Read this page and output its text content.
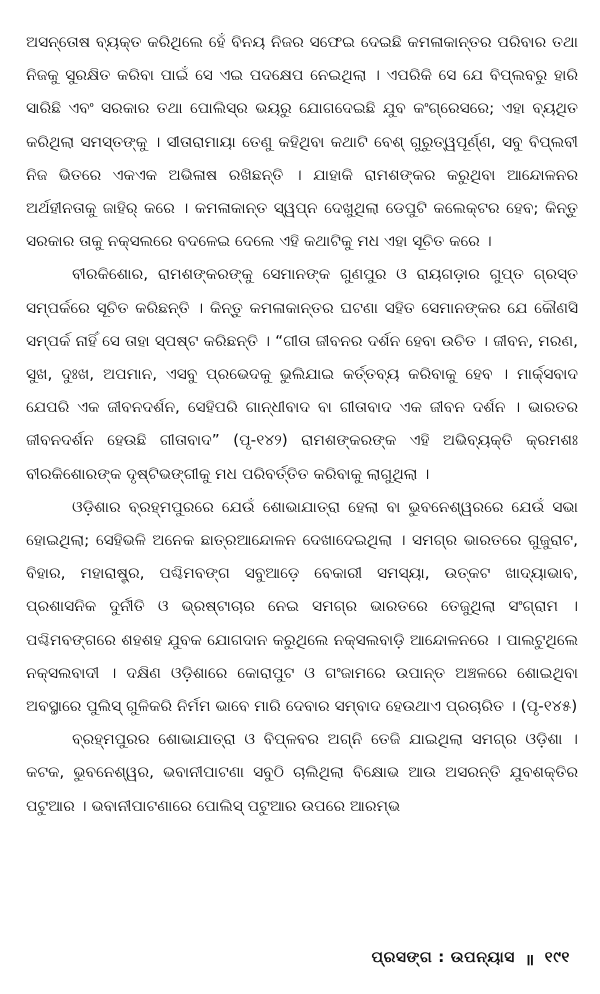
ଅସନ୍ତୋଷ ବ୍ୟକ୍ତ କରିଥିଲେ ହେଁ ବିନୟ ନିଜର ସଫେଇ ଦେଇଛି କମଳାକାନ୍ତର ପରିବାର ତଥା ନିଜକୁ ସୁରକ୍ଷିତ କରିବା ପାଇଁ ସେ ଏଇ ପଦକ୍ଷେପ ନେଇଥିଲା । ଏପରିକି ସେ ଯେ ବିପ୍ଲବରୁ ହାରି ସାରିଛି ଏବଂ ସରକାର ତଥା ପୋଲିସ୍‌ର ଭୟରୁ ଯୋଗଦେଇଛି ଯୁବ କଂଗ୍ରେସରେ; ଏହା ବ୍ୟଥିତ କରିଥିଲା ସମସ୍ତଙ୍କୁ । ସୀତାରାମାୟା ତେଣୁ କହିଥିବା କଥାଟି ବେଶ୍ ଗୁରୁତ୍ୱପୂର୍ଣ୍ଣ, ସବୁ ବିପ୍ଲବୀ ନିଜ ଭିତରେ ଏକଏକ ଅଭିଳାଷ ରଖିଛନ୍ତି । ଯାହାକି ରାମଶଙ୍କର କରୁଥିବା ଆନ୍ଦୋଳନର ଅର୍ଥହୀନତାକୁ ଜାହିର୍ କରେ । କମଳାକାନ୍ତ ସ୍ୱପ୍ନ ଦେଖୁଥିଲା ଡେପୁଟି କଲେକ୍ଟର ହେବ; କିନ୍ତୁ ସରକାର ତାକୁ ନକ୍ସଲରେ ବଦଳେଇ ଦେଲେ ଏହି କଥାଟିକୁ ମଧ ଏହା ସୂଚିତ କରେ ।

ବୀରକିଶୋର, ରାମଶଙ୍କରଙ୍କୁ ସେମାନଙ୍କ ଗୁଣପୁର ଓ ରାୟଗଡ଼ାର ଗୁପ୍ତ ଗ୍ରସ୍ତ ସମ୍ପର୍କରେ ସୂଚିତ କରିଛନ୍ତି । କିନ୍ତୁ କମଳାକାନ୍ତର ଘଟଣା ସହିତ ସେମାନଙ୍କର ଯେ କୌଣସି ସମ୍ପର୍କ ନାହିଁ ସେ ତାହା ସ୍ପଷ୍ଟ କରିଛନ୍ତି । “ଗୀତା ଜୀବନର ଦର୍ଶନ ହେବା ଉଚିତ । ଜୀବନ, ମରଣ, ସୁଖ, ଦୁଃଖ, ଅପମାନ, ଏସବୁ ପ୍ରଭେଦକୁ ଭୁଲିଯାଇ କର୍ତ୍ତବ୍ୟ କରିବାକୁ ହେବ । ମାର୍କ୍ସବାଦ ଯେପରି ଏକ ଜୀବନଦର୍ଶନ, ସେହିପରି ଗାନ୍ଧୀବାଦ ବା ଗୀତାବାଦ ଏକ ଜୀବନ ଦର୍ଶନ । ଭାରତର ଜୀବନଦର୍ଶନ ହେଉଛି ଗୀତାବାଦ” (ପୃ-୧୪୨) ରାମଶଙ୍କରଙ୍କ ଏହି ଅଭିବ୍ୟକ୍ତି କ୍ରମଶଃ ବୀରକିଶୋରଙ୍କ ଦୃଷ୍ଟିଭଙ୍ଗୀକୁ ମଧ ପରିବର୍ତ୍ତିତ କରିବାକୁ ଲାଗୁଥିଲା ।

ଓଡ଼ିଶାର ବ୍ରହ୍ମପୁରରେ ଯେଉଁ ଶୋଭାଯାତ୍ରା ହେଲା ବା ଭୁବନେଶ୍ୱରରେ ଯେଉଁ ସଭା ହୋଇଥିଲା; ସେହିଭଳି ଅନେକ ଛାତ୍ରଆନ୍ଦୋଳନ ଦେଖାଦେଇଥିଲା । ସମଗ୍ର ଭାରତରେ ଗୁଜୁରାଟ, ବିହାର, ମହାରାଷ୍ଟ୍ର, ପଶ୍ଚିମବଙ୍ଗ ସବୁଆଡ଼େ ବେକାରୀ ସମସ୍ୟା, ଉତ୍କଟ ଖାଦ୍ୟାଭାବ, ପ୍ରଶାସନିକ ଦୁର୍ନୀତି ଓ ଭ୍ରଷ୍ଟାଚାର ନେଇ ସମଗ୍ର ଭାରତରେ ତେଜୁଥିଲା ସଂଗ୍ରାମ । ପଶ୍ଚିମବଙ୍ଗରେ ଶହଶହ ଯୁବକ ଯୋଗଦାନ କରୁଥିଲେ ନକ୍ସଲବାଡ଼ି ଆନ୍ଦୋଳନରେ । ପାଲଟୁଥିଲେ ନକ୍ସଲବାଦୀ । ଦକ୍ଷିଣ ଓଡ଼ିଶାରେ କୋରାପୁଟ ଓ ଗଂଜାମରେ ଉପାନ୍ତ ଅଞ୍ଚଳରେ ଶୋଇଥିବା ଅବସ୍ଥାରେ ପୁଲିସ୍ ଗୁଳିକରି ନିର୍ମମ ଭାବେ ମାରି ଦେବାର ସମ୍ବାଦ ହେଉଥାଏ ପ୍ରଚାରିତ । (ପୃ-୧୪୫)

ବ୍ରହ୍ମପୁରର ଶୋଭାଯାତ୍ରା ଓ ବିପ୍ଳବର ଅଗ୍ନି ତେଜି ଯାଇଥିଲା ସମଗ୍ର ଓଡ଼ିଶା । କଟକ, ଭୁବନେଶ୍ୱର, ଭବାନୀପାଟଣା ସବୁଠି ଚାଲିଥିଲା ବିକ୍ଷୋଭ ଆଉ ଅସରନ୍ତି ଯୁବଶକ୍ତିର ପଟୁଆର । ଭବାନୀପାଟଣାରେ ପୋଲିସ୍ ପଟୁଆର ଉପରେ ଆରମ୍ଭ

ପ୍ରସଙ୍ଗ : ଉପନ୍ୟାସ ॥ ୧୯୧
